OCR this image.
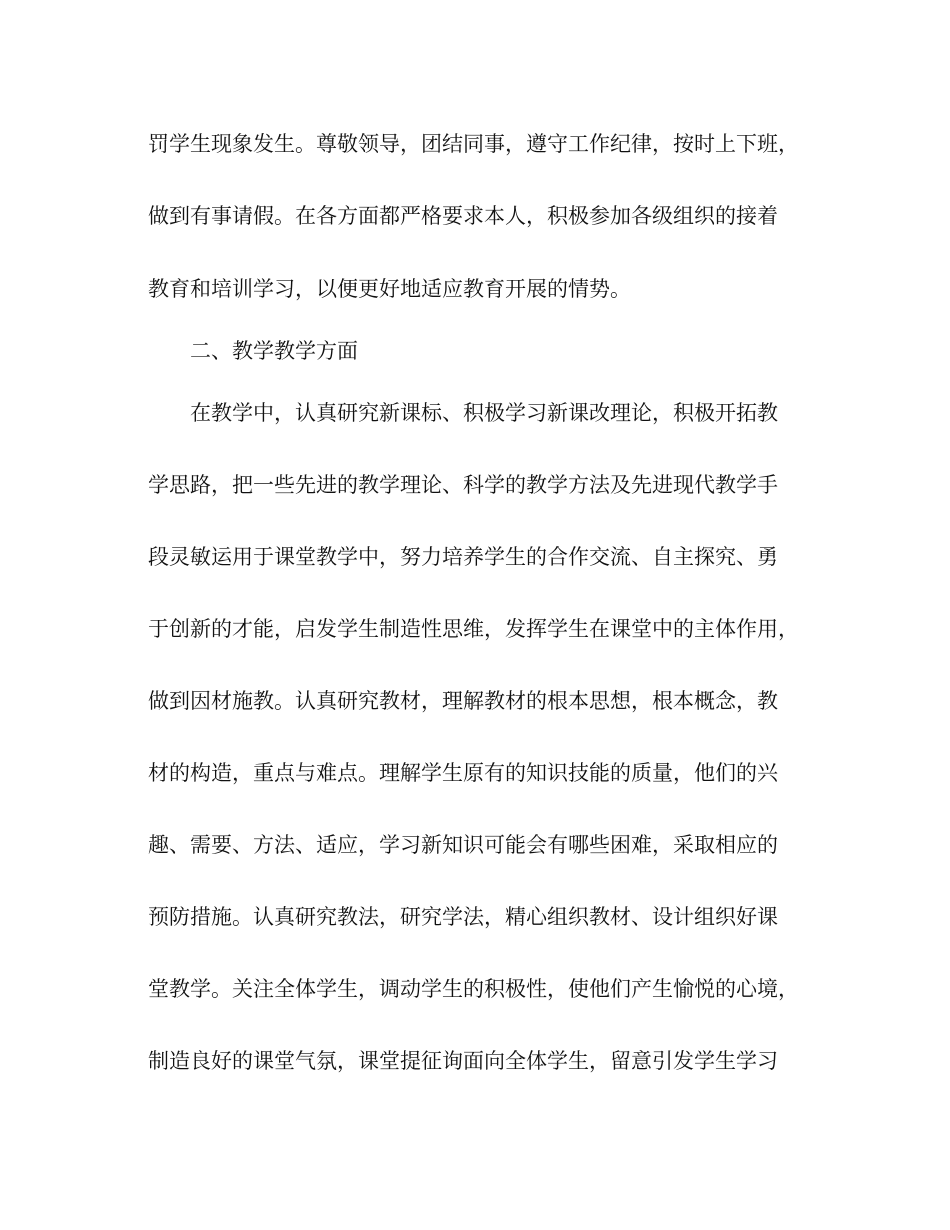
罚学生现象发生。尊敬领导，团结同事，遵守工作纪律，按时上下班，
做到有事请假。在各方面都严格要求本人，积极参加各级组织的接着
教育和培训学习，以便更好地适应教育开展的情势。
二、教学教学方面
在教学中，认真研究新课标、积极学习新课改理论，积极开拓教
学思路，把一些先进的教学理论、科学的教学方法及先进现代教学手
段灵敏运用于课堂教学中，努力培养学生的合作交流、自主探究、勇
于创新的才能，启发学生制造性思维，发挥学生在课堂中的主体作用，
做到因材施教。认真研究教材，理解教材的根本思想，根本概念，教
材的构造，重点与难点。理解学生原有的知识技能的质量，他们的兴
趣、需要、方法、适应，学习新知识可能会有哪些困难，采取相应的
预防措施。认真研究教法，研究学法，精心组织教材、设计组织好课
堂教学。关注全体学生，调动学生的积极性，使他们产生愉悦的心境，
制造良好的课堂气氛，课堂提征询面向全体学生，留意引发学生学习
